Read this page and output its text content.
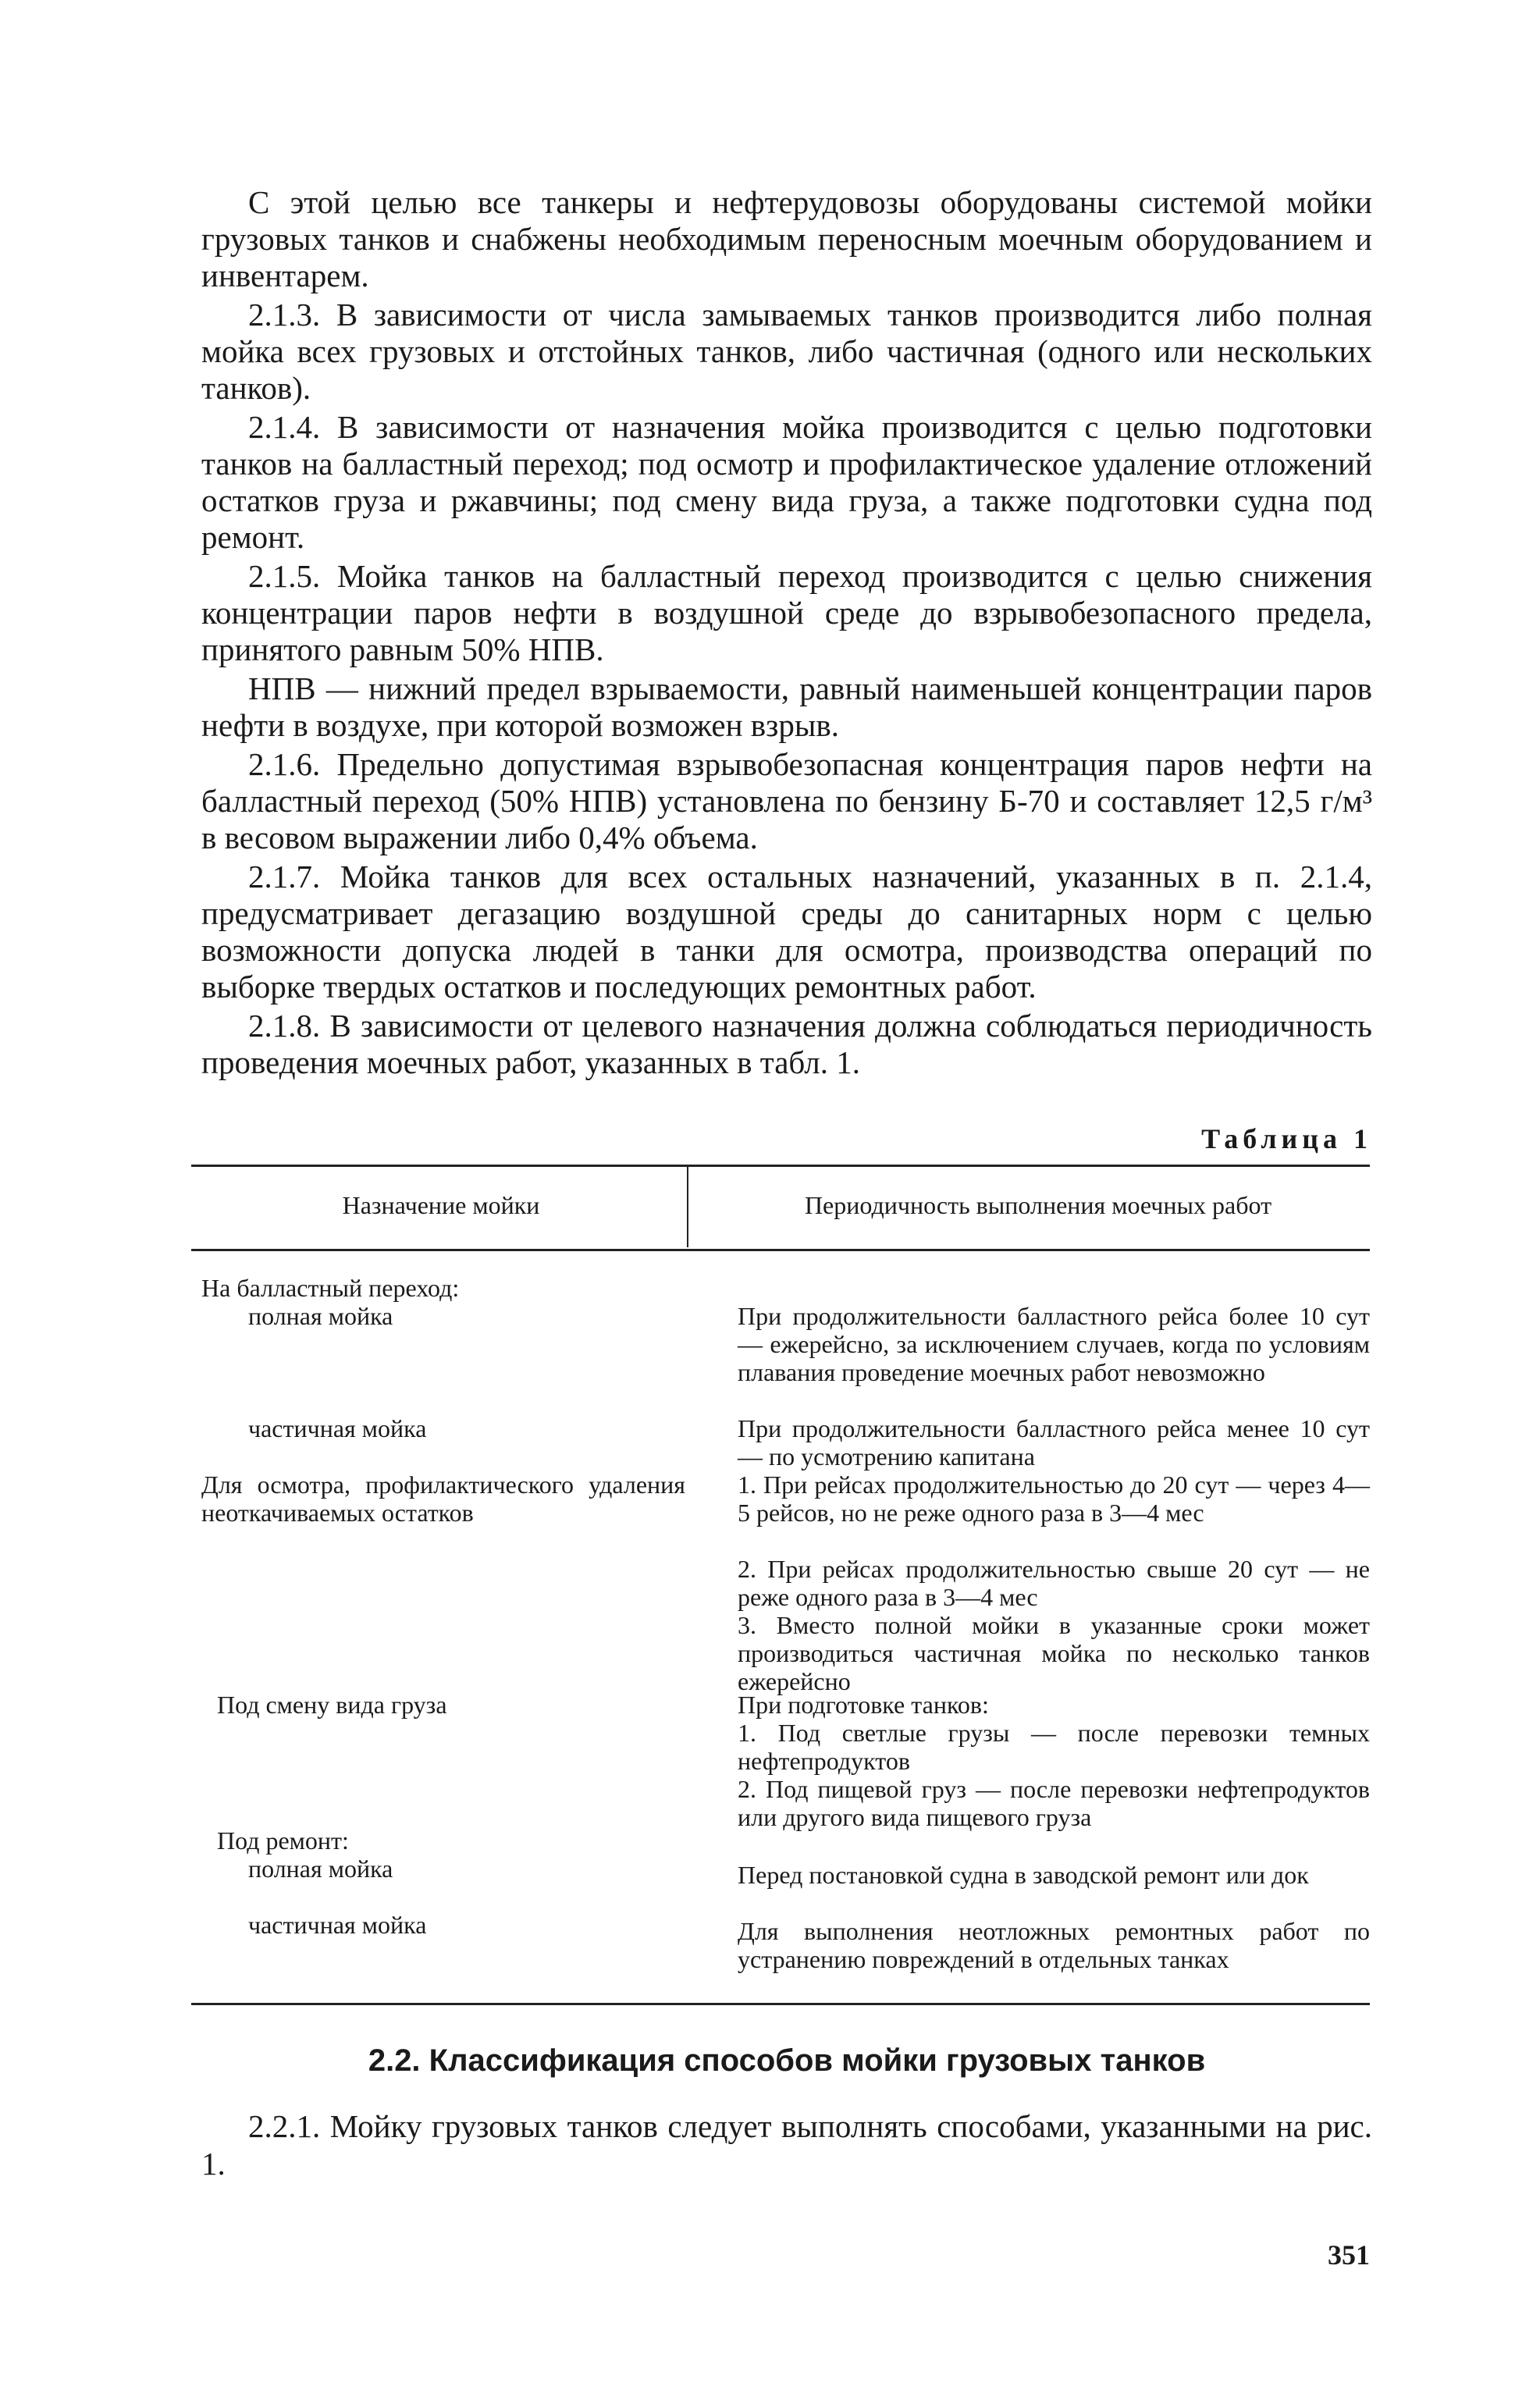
С этой целью все танкеры и нефтерудовозы оборудованы системой мойки грузовых танков и снабжены необходимым переносным моечным оборудованием и инвентарем.

2.1.3. В зависимости от числа замываемых танков производится либо полная мойка всех грузовых и отстойных танков, либо частичная (одного или нескольких танков).

2.1.4. В зависимости от назначения мойка производится с целью подготовки танков на балластный переход; под осмотр и профилактическое удаление отложений остатков груза и ржавчины; под смену вида груза, а также подготовки судна под ремонт.

2.1.5. Мойка танков на балластный переход производится с целью снижения концентрации паров нефти в воздушной среде до взрывобезопасного предела, принятого равным 50% НПВ.

НПВ — нижний предел взрываемости, равный наименьшей концентрации паров нефти в воздухе, при которой возможен взрыв.

2.1.6. Предельно допустимая взрывобезопасная концентрация паров нефти на балластный переход (50% НПВ) установлена по бензину Б-70 и составляет 12,5 г/м³ в весовом выражении либо 0,4% объема.

2.1.7. Мойка танков для всех остальных назначений, указанных в п. 2.1.4, предусматривает дегазацию воздушной среды до санитарных норм с целью возможности допуска людей в танки для осмотра, производства операций по выборке твердых остатков и последующих ремонтных работ.

2.1.8. В зависимости от целевого назначения должна соблюдаться периодичность проведения моечных работ, указанных в табл. 1.

Таблица 1
Назначение мойки	Периодичность выполнения моечных работ
На балластный переход:
полная мойка
частичная мойка
Для осмотра, профилактического удаления неоткачиваемых остатков
Под смену вида груза
Под ремонт:
полная мойка
частичная мойка
При продолжительности балластного рейса более 10 сут — ежерейсно, за исключением случаев, когда по условиям плавания проведение моечных работ невозможно
При продолжительности балластного рейса менее 10 сут — по усмотрению капитана
1. При рейсах продолжительностью до 20 сут — через 4—5 рейсов, но не реже одного раза в 3—4 мес
2. При рейсах продолжительностью свыше 20 сут — не реже одного раза в 3—4 мес
3. Вместо полной мойки в указанные сроки может производиться частичная мойка по несколько танков ежерейсно
При подготовке танков:
1. Под светлые грузы — после перевозки темных нефтепродуктов
2. Под пищевой груз — после перевозки нефтепродуктов или другого вида пищевого груза
Перед постановкой судна в заводской ремонт или док
Для выполнения неотложных ремонтных работ по устранению повреждений в отдельных танках
2.2. Классификация способов мойки грузовых танков
2.2.1. Мойку грузовых танков следует выполнять способами, указанными на рис. 1.
351
